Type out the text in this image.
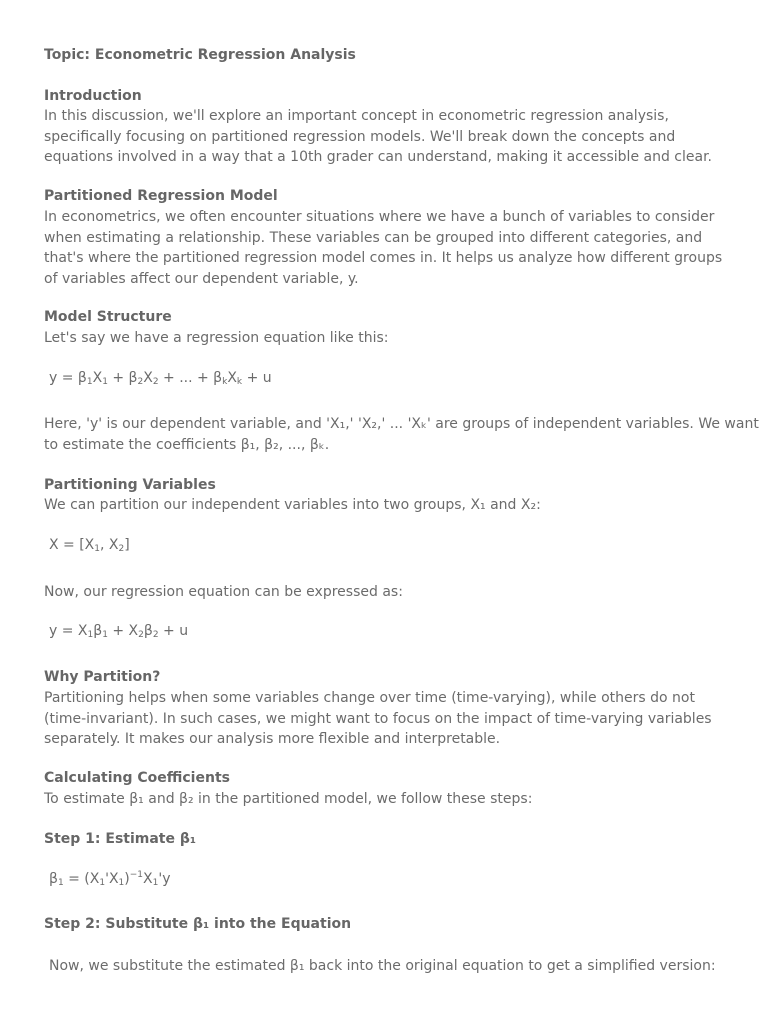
Topic: Econometric Regression Analysis
Introduction
In this discussion, we'll explore an important concept in econometric regression analysis, specifically focusing on partitioned regression models. We'll break down the concepts and equations involved in a way that a 10th grader can understand, making it accessible and clear.
Partitioned Regression Model
In econometrics, we often encounter situations where we have a bunch of variables to consider when estimating a relationship. These variables can be grouped into different categories, and that's where the partitioned regression model comes in. It helps us analyze how different groups of variables affect our dependent variable, y.
Model Structure
Let's say we have a regression equation like this:
$y = \beta_1X_1 + \beta_2X_2$ + ... + $\beta_kX_k + u$
Here, 'y' is our dependent variable, and 'X₁,' 'X₂,' ... 'Xₖ' are groups of independent variables. We want
to estimate the coefficients β₁, β₂, ..., βₖ.
Partitioning Variables
We can partition our independent variables into two groups, X₁ and X₂:
$X = [X_1$, $X_2$]
Now, our regression equation can be expressed as:
$y = X_1\beta_1 + X_2\beta_2 + u$
Why Partition?
Partitioning helps when some variables change over time (time-varying), while others do not (time-invariant). In such cases, we might want to focus on the impact of time-varying variables separately. It makes our analysis more flexible and interpretable.
Calculating Coefficients
To estimate β₁ and β₂ in the partitioned model, we follow these steps:
Step 1: Estimate β₁
$\beta_1 = (X_1'X_1)^{-1}X_1'y$
Step 2: Substitute β₁ into the Equation
Now, we substitute the estimated β₁ back into the original equation to get a simplified version:
